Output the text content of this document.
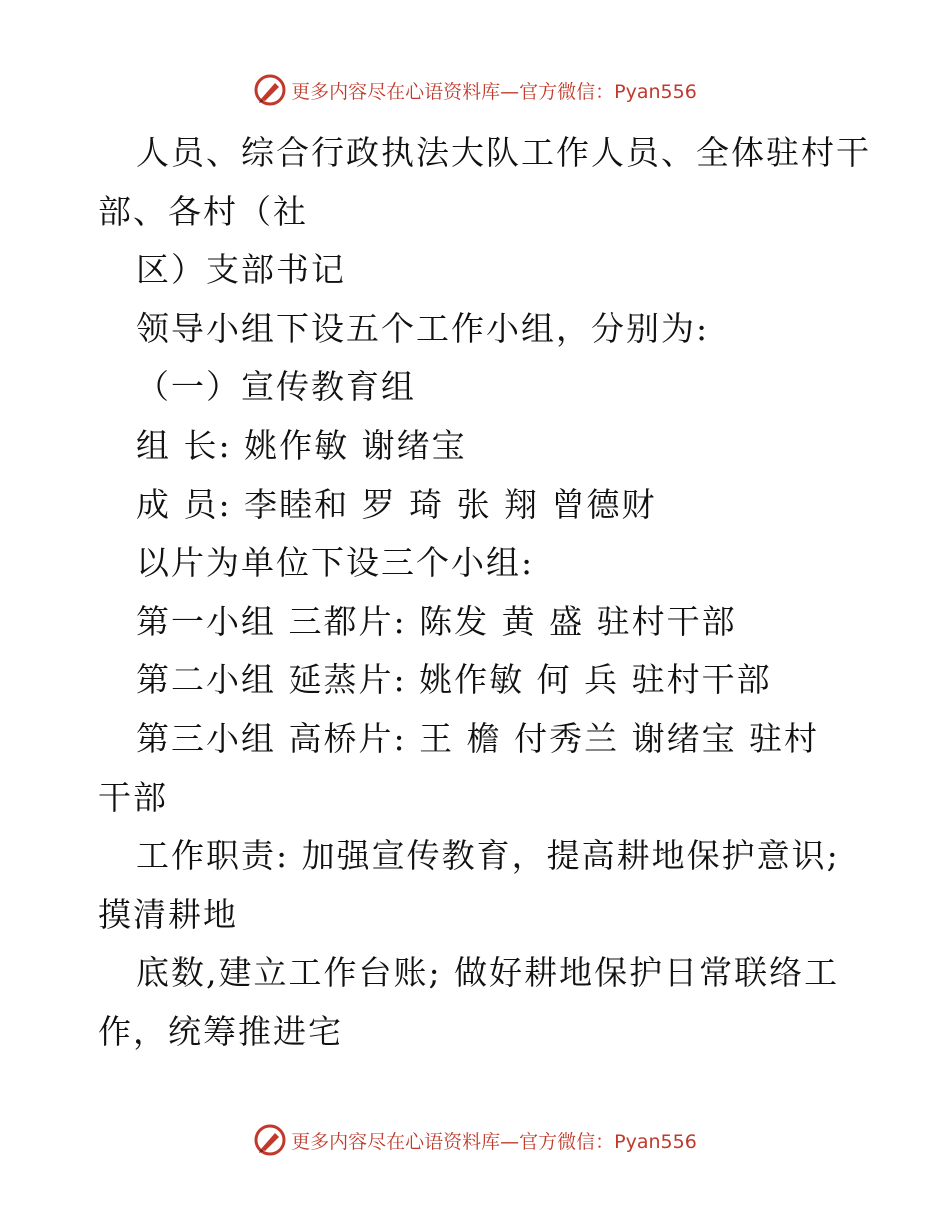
更多内容尽在心语资料库—官方微信：Pyan556
人员、综合行政执法大队工作人员、全体驻村干
部、各村（社
区）支部书记
领导小组下设五个工作小组，分别为:
（一）宣传教育组
组 长: 姚作敏 谢绪宝
成 员: 李睦和 罗 琦 张 翔 曾德财
以片为单位下设三个小组:
第一小组 三都片: 陈发 黄 盛 驻村干部
第二小组 延蒸片: 姚作敏 何 兵 驻村干部
第三小组 高桥片: 王 檐 付秀兰 谢绪宝 驻村
干部
工作职责: 加强宣传教育，提高耕地保护意识;
摸清耕地
底数,建立工作台账; 做好耕地保护日常联络工
作，统筹推进宅
更多内容尽在心语资料库—官方微信：Pyan556
